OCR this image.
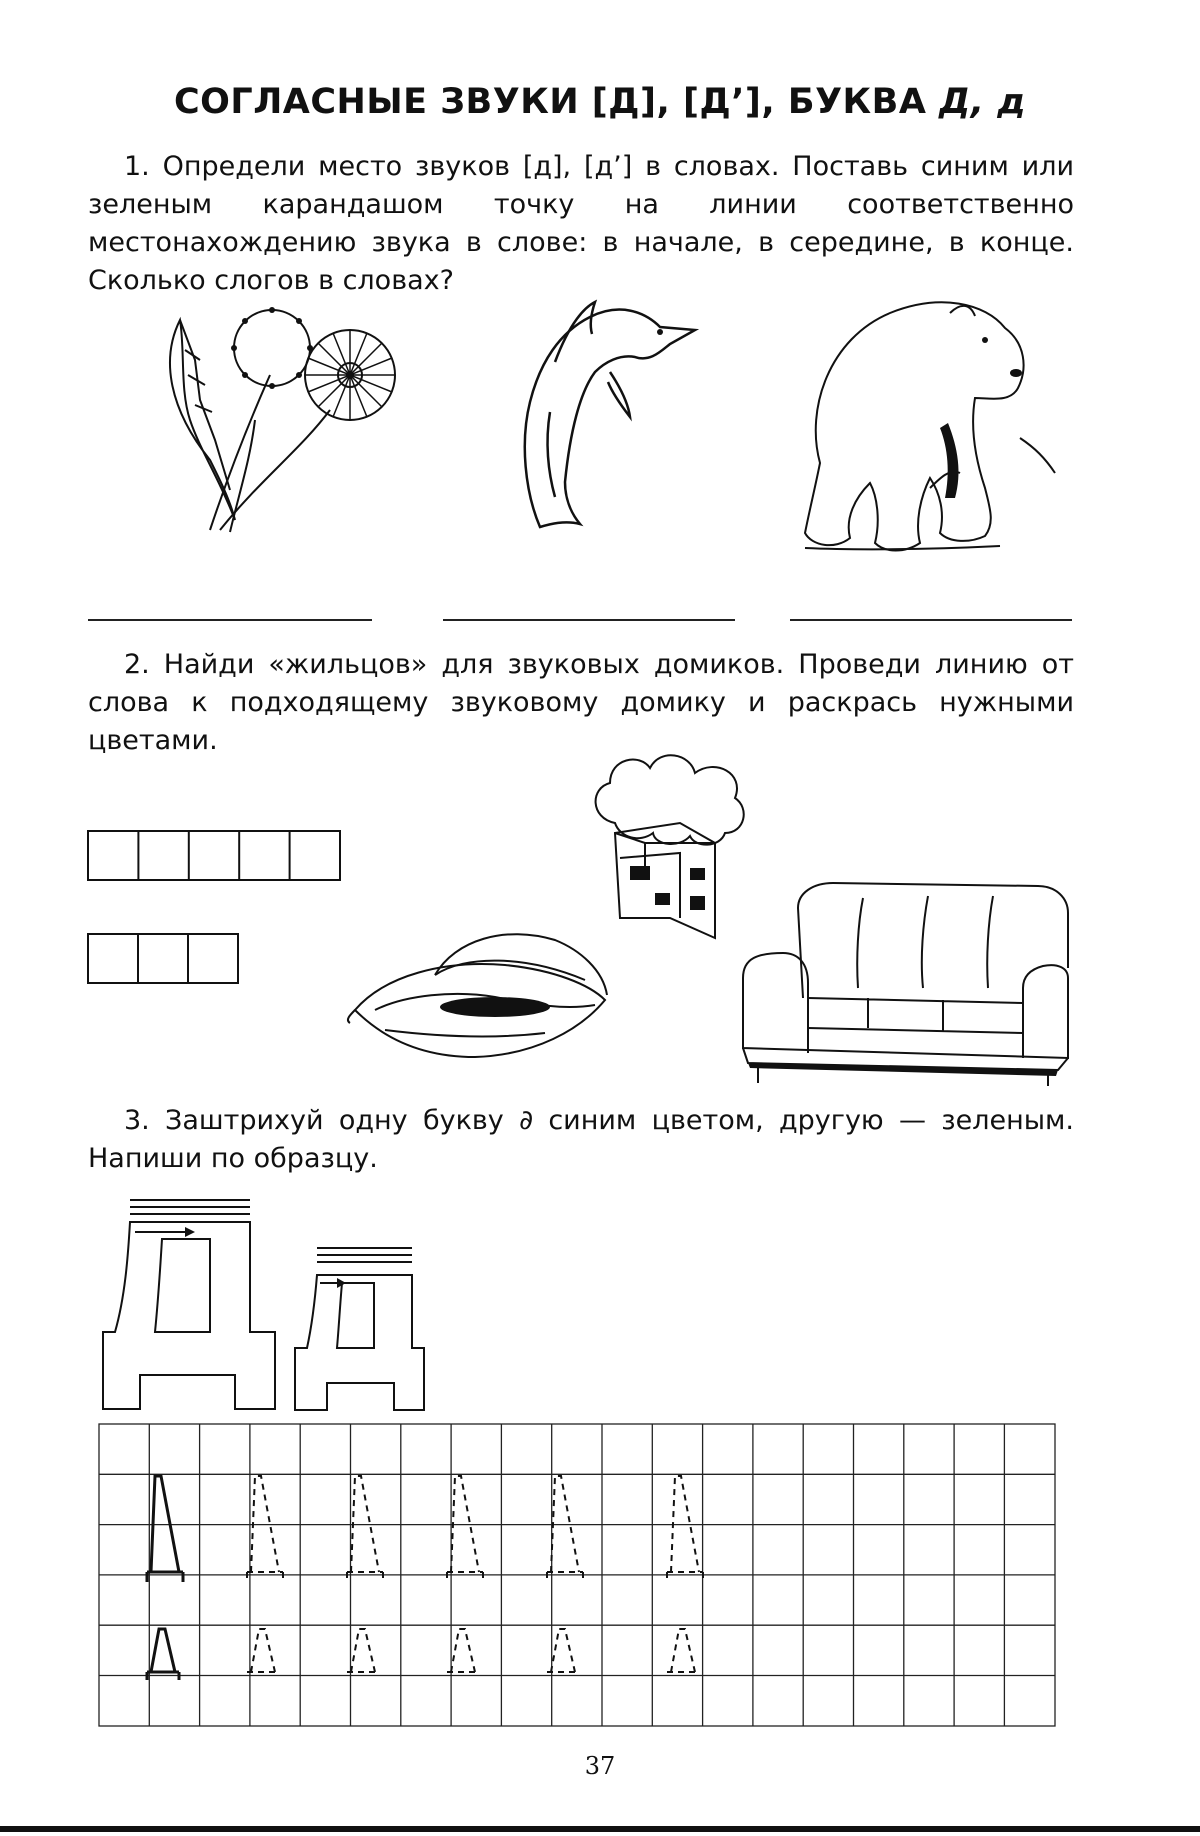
СОГЛАСНЫЕ ЗВУКИ [Д], [Д’], БУКВА Д, д
1. Определи место звуков [д], [д’] в словах. Поставь синим или зеленым карандашом точку на линии соответственно местонахождению звука в слове: в начале, в середине, в конце. Сколько слогов в словах?
2. Найди «жильцов» для звуковых домиков. Проведи линию от слова к подходящему звуковому домику и раскрась нужными цветами.
3. Заштрихуй одну букву ∂ синим цветом, другую — зеленым. Напиши по образцу.
37
